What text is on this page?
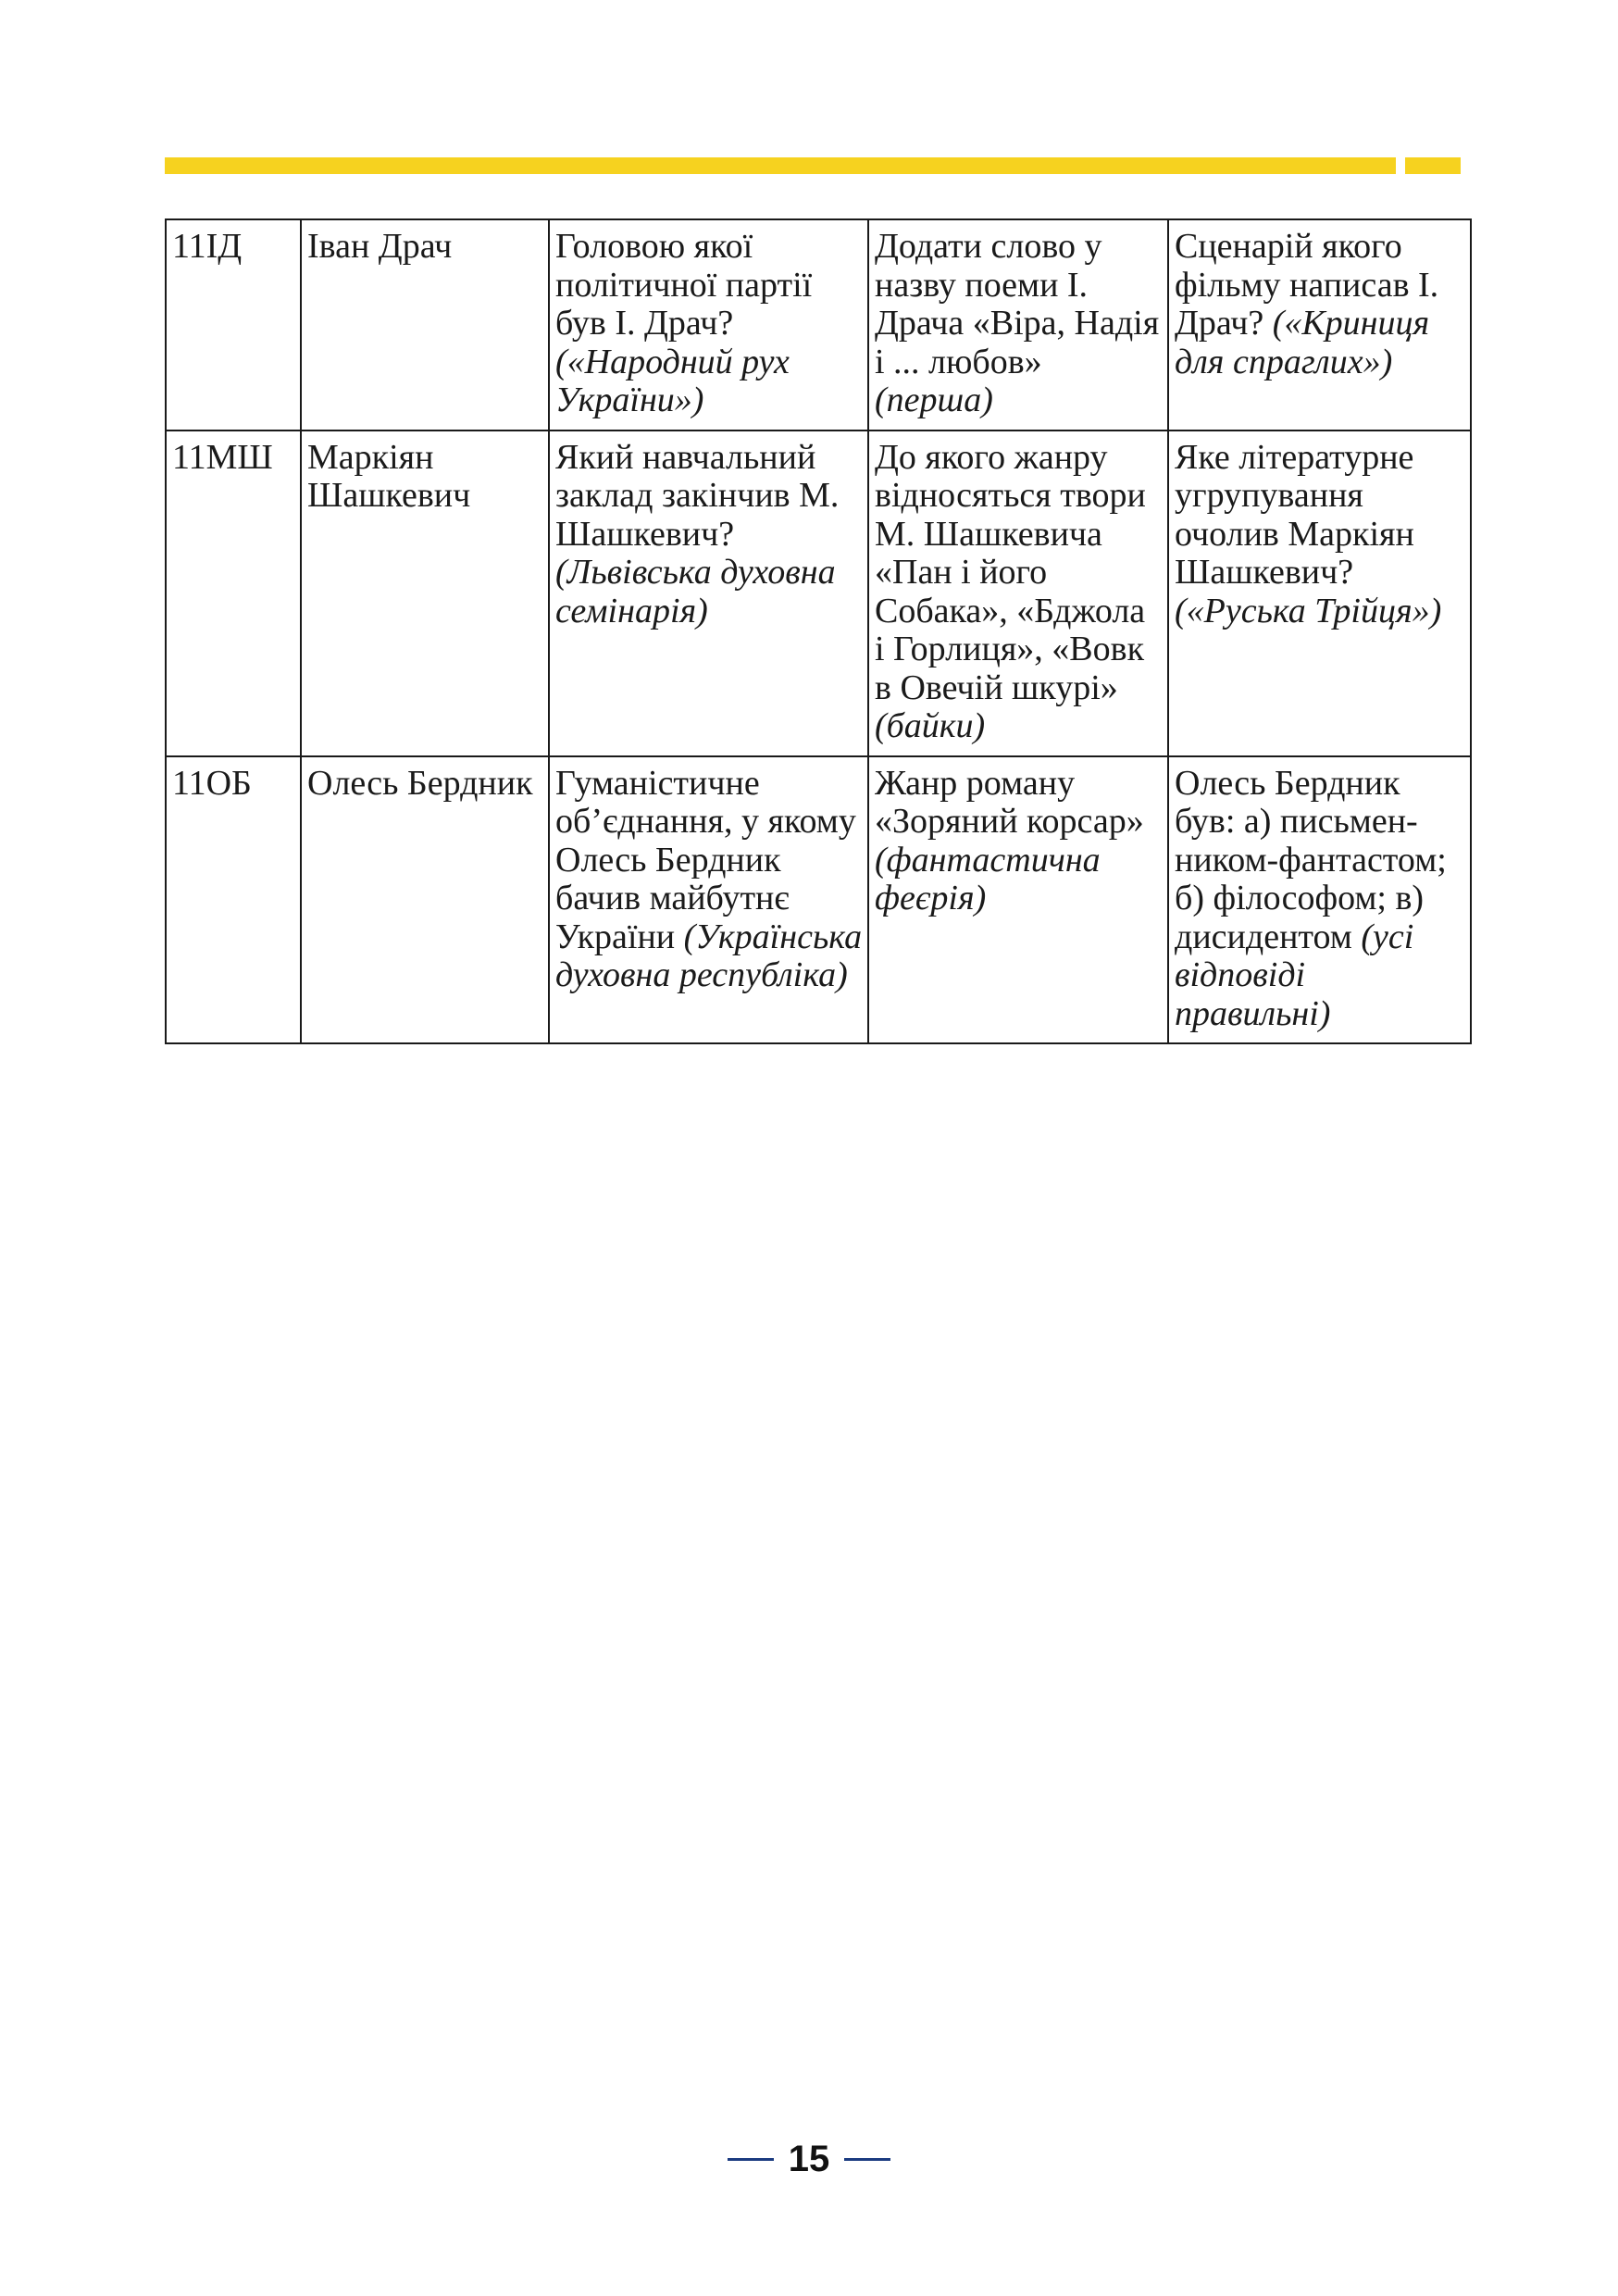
11ІД	Іван Драч	Головою якої політичної партії був І. Драч? («Народний рух України»)	Додати слово у назву поеми І. Драча «Віра, Надія і ... любов» (перша)	Сценарій якого фільму написав І. Драч? («Криниця для спраглих»)
11МШ	Маркіян Шашкевич	Який навчальний заклад закінчив М. Шашкевич? (Львівська духовна семінарія)	До якого жанру відносяться твори М. Шашкевича «Пан і його Собака», «Бджола і Горлиця», «Вовк в Овечій шкурі» (байки)	Яке літературне угрупування очолив Маркіян Шашкевич? («Руська Трійця»)
11ОБ	Олесь Бердник	Гуманістичне об’єднання, у якому Олесь Бердник бачив майбутнє України (Українська духовна республіка)	Жанр роману «Зоряний корсар» (фантастична феєрія)	Олесь Бердник був: а) письменником-фантастом; б) філософом; в) дисидентом (усі відповіді правильні)
15
